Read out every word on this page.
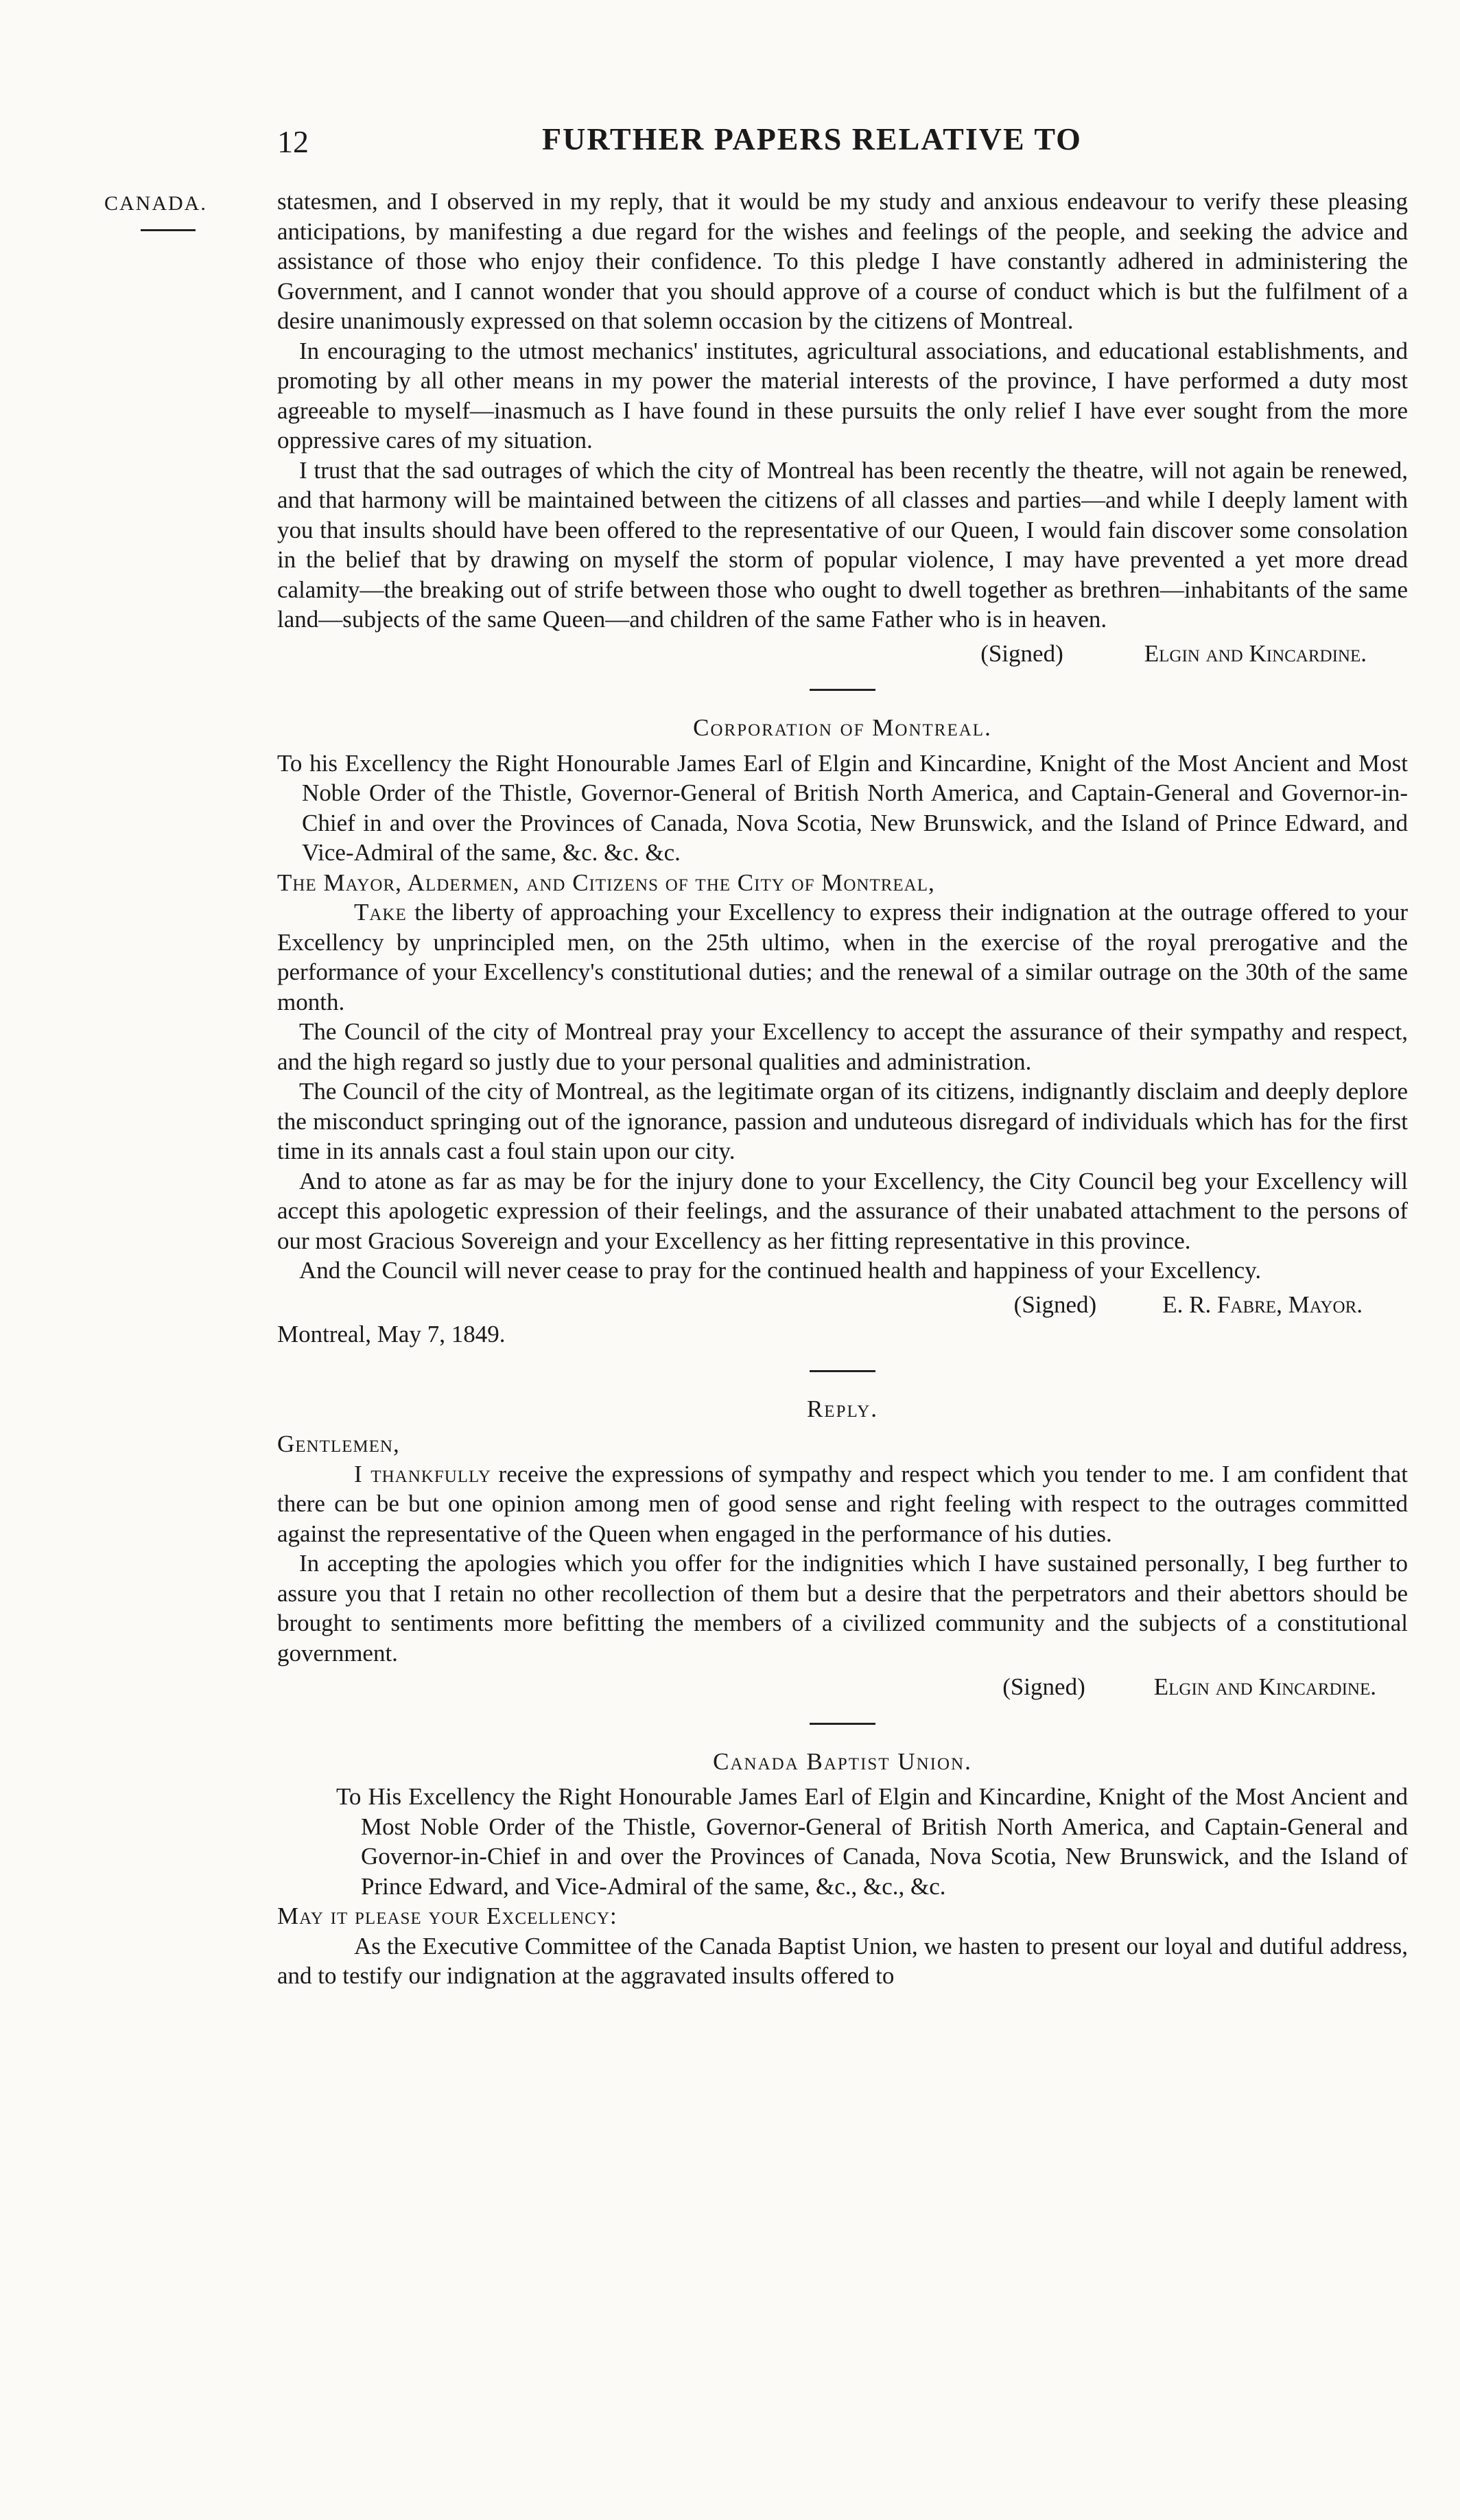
12	FURTHER PAPERS RELATIVE TO
CANADA.	statesmen, and I observed in my reply, that it would be my study and anxious endeavour to verify these pleasing anticipations, by manifesting a due regard for the wishes and feelings of the people, and seeking the advice and assistance of those who enjoy their confidence. To this pledge I have constantly adhered in administering the Government, and I cannot wonder that you should approve of a course of conduct which is but the fulfilment of a desire unanimously expressed on that solemn occasion by the citizens of Montreal.

In encouraging to the utmost mechanics' institutes, agricultural associations, and educational establishments, and promoting by all other means in my power the material interests of the province, I have performed a duty most agreeable to myself—inasmuch as I have found in these pursuits the only relief I have ever sought from the more oppressive cares of my situation.

I trust that the sad outrages of which the city of Montreal has been recently the theatre, will not again be renewed, and that harmony will be maintained between the citizens of all classes and parties—and while I deeply lament with you that insults should have been offered to the representative of our Queen, I would fain discover some consolation in the belief that by drawing on myself the storm of popular violence, I may have prevented a yet more dread calamity—the breaking out of strife between those who ought to dwell together as brethren—inhabitants of the same land—subjects of the same Queen—and children of the same Father who is in heaven.

(Signed)	Elgin and Kincardine.
Corporation of Montreal.

To his Excellency the Right Honourable James Earl of Elgin and Kincardine, Knight of the Most Ancient and Most Noble Order of the Thistle, Governor-General of British North America, and Captain-General and Governor-in-Chief in and over the Provinces of Canada, Nova Scotia, New Brunswick, and the Island of Prince Edward, and Vice-Admiral of the same, &c. &c. &c.

The Mayor, Aldermen, and Citizens of the City of Montreal,

Take the liberty of approaching your Excellency to express their indignation at the outrage offered to your Excellency by unprincipled men, on the 25th ultimo, when in the exercise of the royal prerogative and the performance of your Excellency's constitutional duties; and the renewal of a similar outrage on the 30th of the same month.

The Council of the city of Montreal pray your Excellency to accept the assurance of their sympathy and respect, and the high regard so justly due to your personal qualities and administration.

The Council of the city of Montreal, as the legitimate organ of its citizens, indignantly disclaim and deeply deplore the misconduct springing out of the ignorance, passion and unduteous disregard of individuals which has for the first time in its annals cast a foul stain upon our city.

And to atone as far as may be for the injury done to your Excellency, the City Council beg your Excellency will accept this apologetic expression of their feelings, and the assurance of their unabated attachment to the persons of our most Gracious Sovereign and your Excellency as her fitting representative in this province.

And the Council will never cease to pray for the continued health and happiness of your Excellency.

(Signed)	E. R. Fabre, Mayor.

Montreal, May 7, 1849.

Reply.

Gentlemen,

I thankfully receive the expressions of sympathy and respect which you tender to me. I am confident that there can be but one opinion among men of good sense and right feeling with respect to the outrages committed against the representative of the Queen when engaged in the performance of his duties.

In accepting the apologies which you offer for the indignities which I have sustained personally, I beg further to assure you that I retain no other recollection of them but a desire that the perpetrators and their abettors should be brought to sentiments more befitting the members of a civilized community and the subjects of a constitutional government.

(Signed)	Elgin and Kincardine.
Canada Baptist Union.

To His Excellency the Right Honourable James Earl of Elgin and Kincardine, Knight of the Most Ancient and Most Noble Order of the Thistle, Governor-General of British North America, and Captain-General and Governor-in-Chief in and over the Provinces of Canada, Nova Scotia, New Brunswick, and the Island of Prince Edward, and Vice-Admiral of the same, &c., &c., &c.

May it please your Excellency:

As the Executive Committee of the Canada Baptist Union, we hasten to present our loyal and dutiful address, and to testify our indignation at the aggravated insults offered to
